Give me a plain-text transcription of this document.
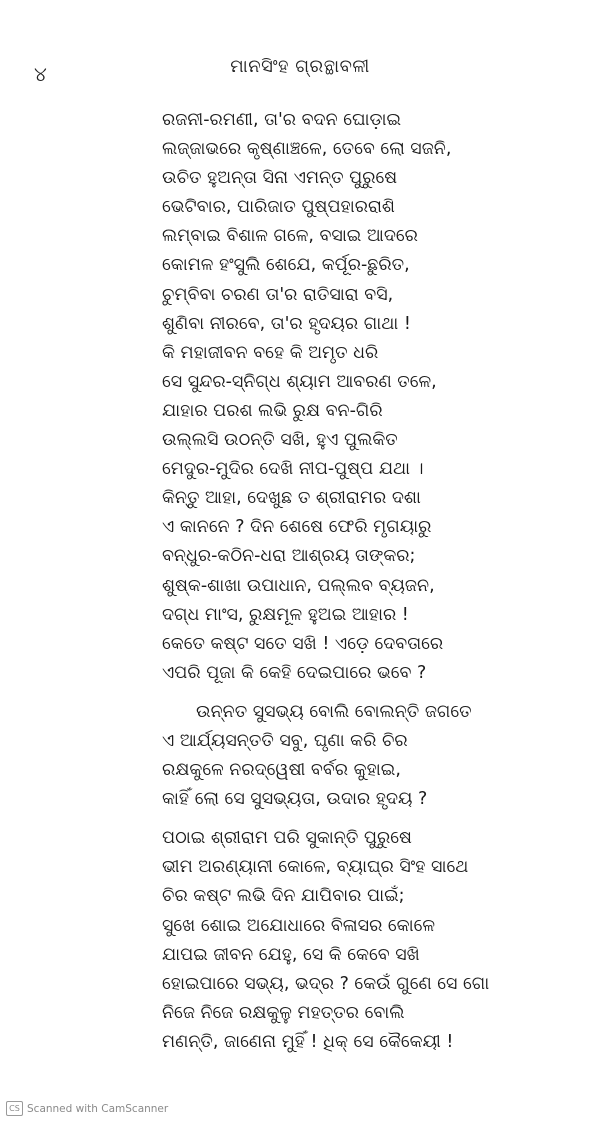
୪	ମାନସିଂହ ଗ୍ରନ୍ଥାବଳୀ
ରଜନୀ-ରମଣୀ, ତା'ର ବଦନ ଘୋଡ଼ାଇ
ଲଜ୍ଜାଭରେ କୃଷ୍ଣାଞ୍ଚଳେ, ତେବେ ଲୋ ସଜନି,
ଉଚିତ ହୁଅନ୍ତା ସିନା ଏମନ୍ତ ପୁରୁଷେ
ଭେଟିବାର, ପାରିଜାତ ପୁଷ୍ପହାରରାଶି
ଲମ୍ବାଇ ବିଶାଳ ଗଳେ, ବସାଇ ଆଦରେ
କୋମଳ ହଂସୁଲି ଶେଯେ, କର୍ପୂର-ଛୁରିତ,
ଚୁମ୍ବିବା ଚରଣ ତା'ର ରାତିସାରା ବସି,
ଶୁଣିବା ନୀରବେ, ତା'ର ହୃଦୟର ଗାଥା !
କି ମହାଜୀବନ ବହେ କି ଅମୃତ ଧରି
ସେ ସୁନ୍ଦର-ସ୍ନିଗ୍ଧ ଶ୍ୟାମ ଆବରଣ ତଳେ,
ଯାହାର ପରଶ ଲଭି ରୁକ୍ଷ ବନ-ଗିରି
ଉଲ୍ଲସି ଉଠନ୍ତି ସଖି, ହୁଏ ପୁଲକିତ
ମେଦୁର-ମୁଦିର ଦେଖି ନୀପ-ପୁଷ୍ପ ଯଥା ।
କିନ୍ତୁ ଆହା, ଦେଖୁଛ ତ ଶ୍ରୀରାମର ଦଶା
ଏ କାନନେ ? ଦିନ ଶେଷେ ଫେରି ମୃଗୟାରୁ
ବନ୍ଧୁର-କଠିନ-ଧରା ଆଶ୍ରୟ ତାଙ୍କର;
ଶୁଷ୍କ-ଶାଖା ଉପାଧାନ, ପଲ୍ଲବ ବ୍ୟଜନ,
ଦଗ୍ଧ ମାଂସ, ରୁକ୍ଷମୂଳ ହୁଅଇ ଆହାର !
କେତେ କଷ୍ଟ ସତେ ସଖି ! ଏଡ଼େ ଦେବତାରେ
ଏପରି ପୂଜା କି କେହି ଦେଇପାରେ ଭବେ ?
ଉନ୍ନତ ସୁସଭ୍ୟ ବୋଲି ବୋଲନ୍ତି ଜଗତେ
ଏ ଆର୍ଯ୍ୟସନ୍ତତି ସବୁ, ଘୃଣା କରି ଚିର
ରକ୍ଷକୁଳେ ନରଦ୍ୱେଷୀ ବର୍ବର କୁହାଇ,
କାହିଁ ଲୋ ସେ ସୁସଭ୍ୟତା, ଉଦାର ହୃଦୟ ?
ପଠାଇ ଶ୍ରୀରାମ ପରି ସୁକାନ୍ତି ପୁରୁଷେ
ଭୀମ ଅରଣ୍ୟାନୀ କୋଳେ, ବ୍ୟାଘ୍ର ସିଂହ ସାଥେ
ଚିର କଷ୍ଟ ଲଭି ଦିନ ଯାପିବାର ପାଇଁ;
ସୁଖେ ଶୋଇ ଅଯୋଧାରେ ବିଳାସର କୋଳେ
ଯାପଇ ଜୀବନ ଯେହୁ, ସେ କି କେବେ ସଖି
ହୋଇପାରେ ସଭ୍ୟ, ଭଦ୍ର ? କେଉଁ ଗୁଣେ ସେ ଗୋ
ନିଜେ ନିଜେ ରକ୍ଷକୁଳୁ ମହତ୍ତର ବୋଲି
ମଣନ୍ତି, ଜାଣେନା ମୁହିଁ ! ଧିକ୍ ସେ କୈକେୟୀ !
CS Scanned with CamScanner
